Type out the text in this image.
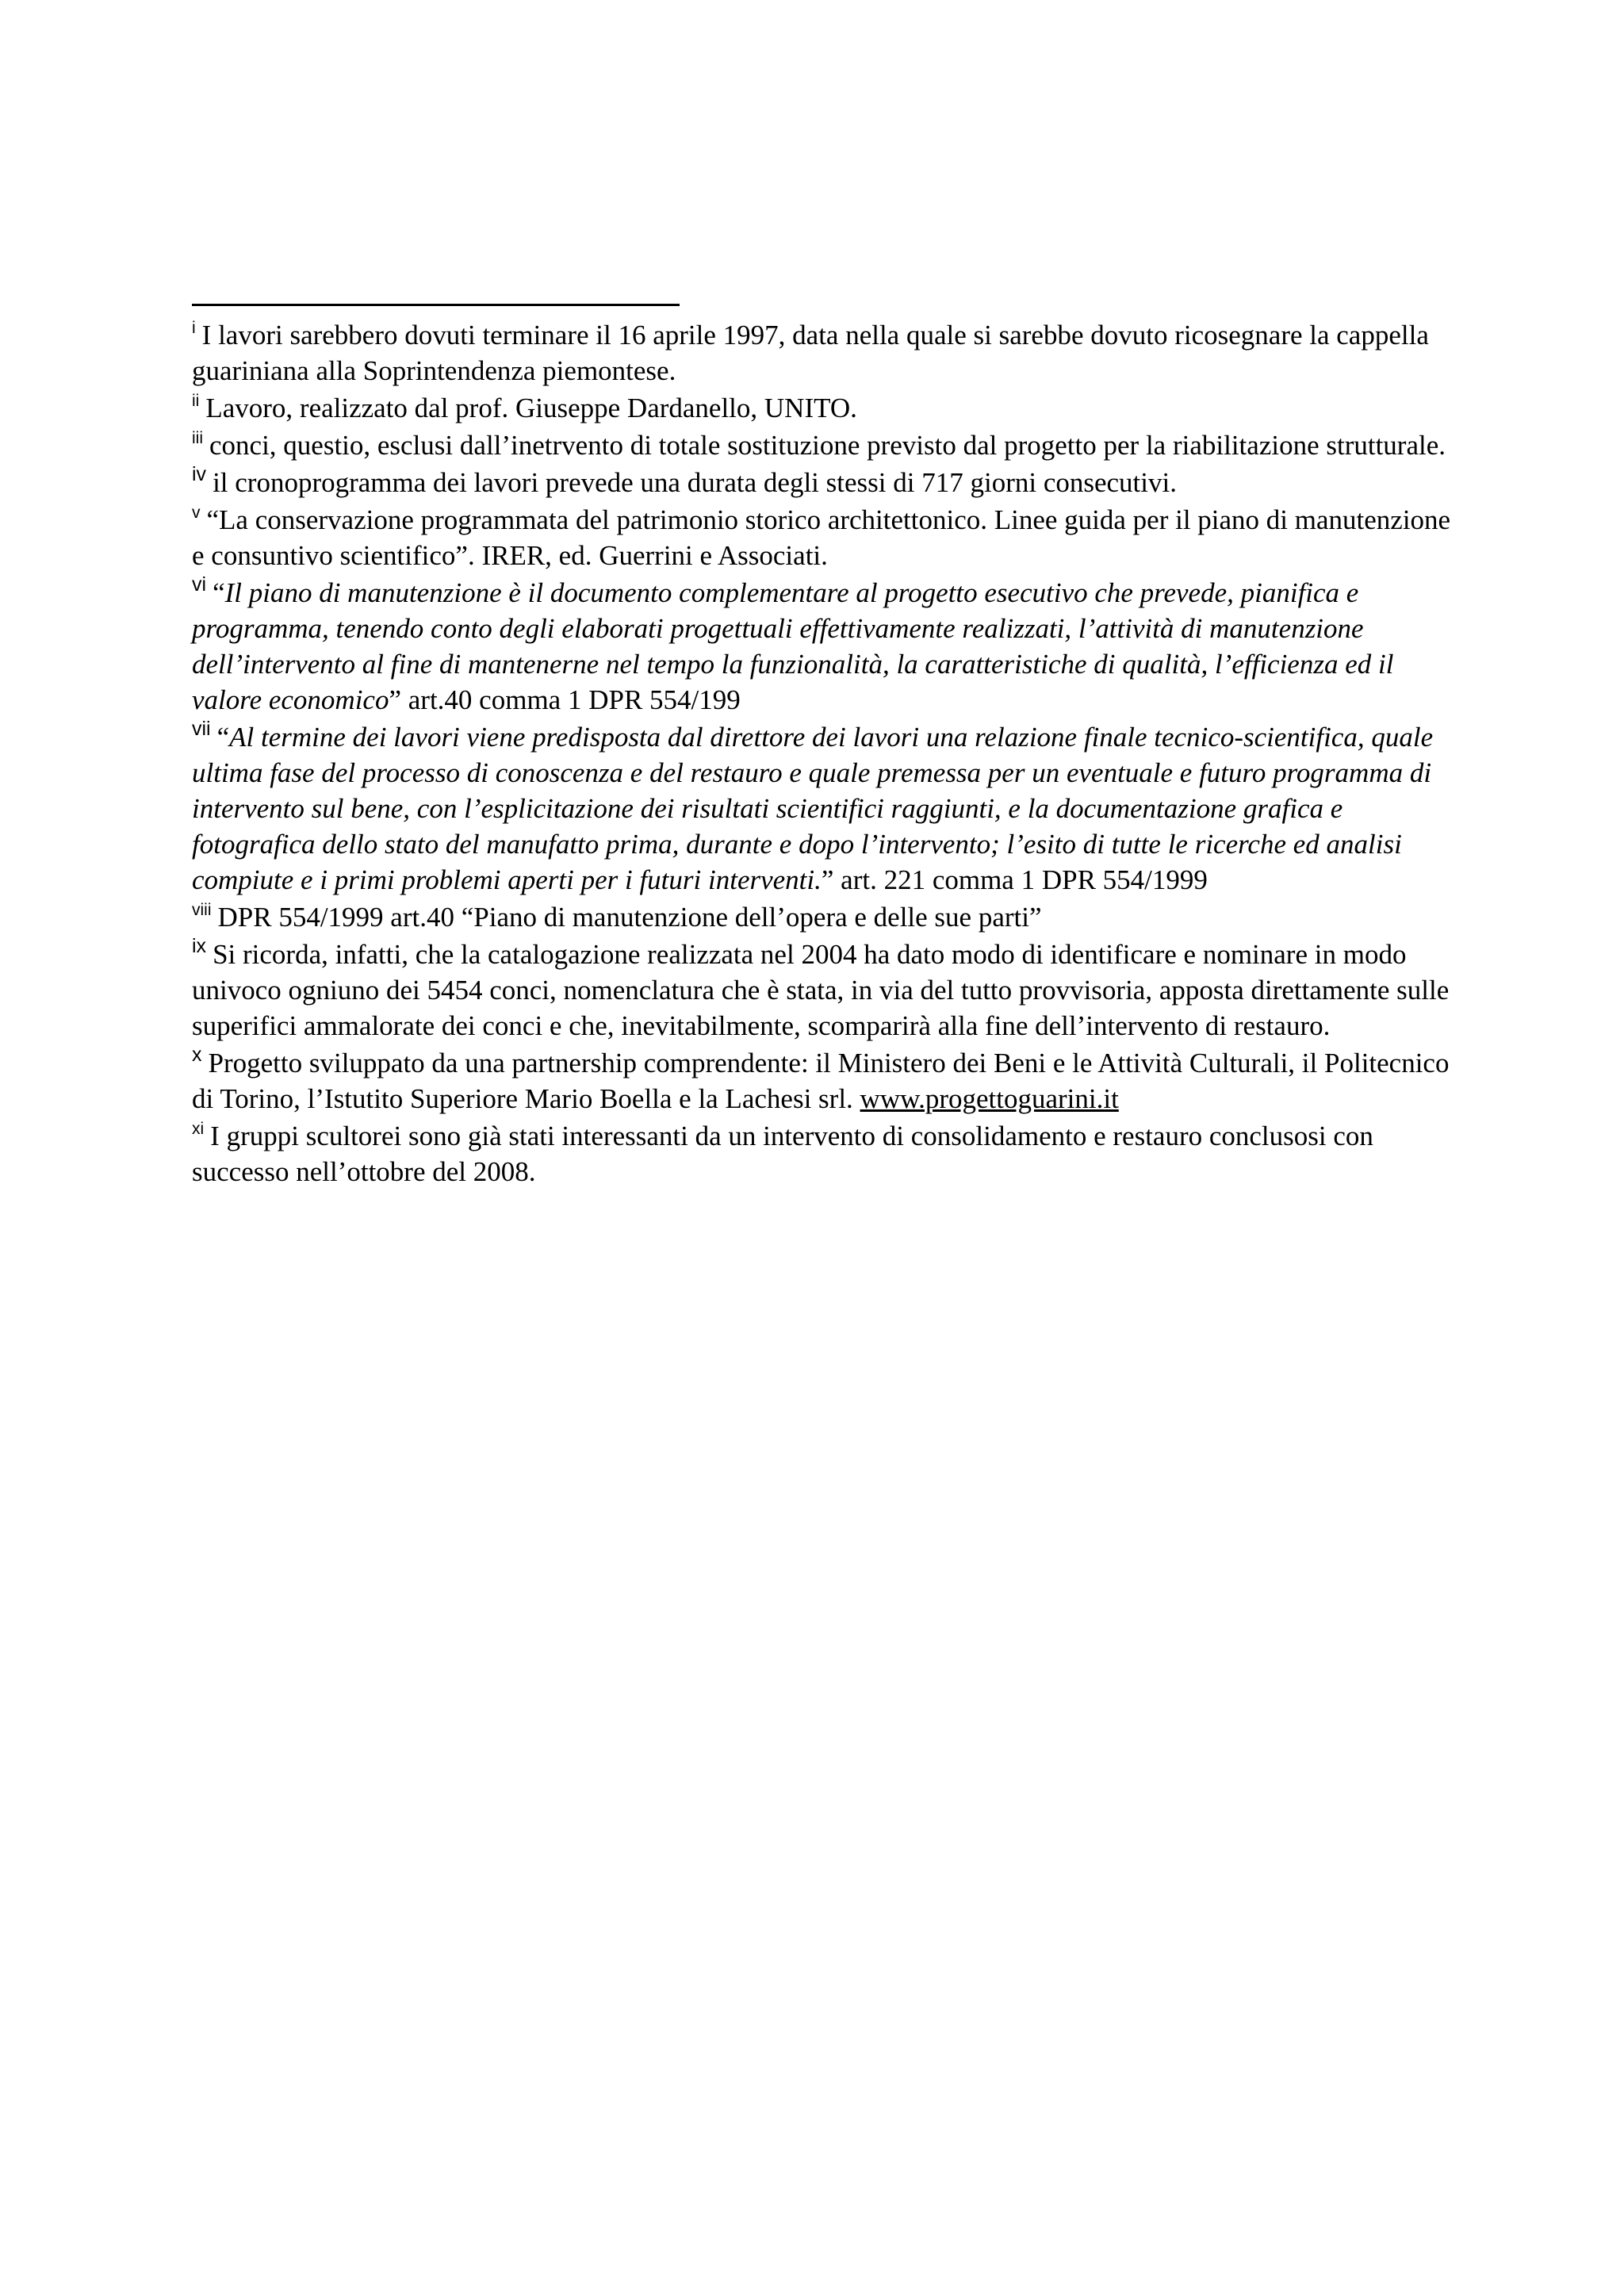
$^i$ I lavori sarebbero dovuti terminare il 16 aprile 1997, data nella quale si sarebbe dovuto ricosegnare la cappella guariniana alla Soprintendenza piemontese.
$^{ii}$ Lavoro, realizzato dal prof. Giuseppe Dardanello, UNITO.
$^{iii}$ conci, questio, esclusi dall’inetrvento di totale sostituzione previsto dal progetto per la riabilitazione strutturale.
$^{iv}$ il cronoprogramma dei lavori prevede una durata degli stessi di 717 giorni consecutivi.
$^v$ “La conservazione programmata del patrimonio storico architettonico. Linee guida per il piano di manutenzione e consuntivo scientifico”. IRER, ed. Guerrini e Associati.
$^{vi}$ “Il piano di manutenzione è il documento complementare al progetto esecutivo che prevede, pianifica e programma, tenendo conto degli elaborati progettuali effettivamente realizzati, l’attività di manutenzione dell’intervento al fine di mantenerne nel tempo la funzionalità, la caratteristiche di qualità, l’efficienza ed il valore economico” art.40 comma 1 DPR 554/199
$^{vii}$ “Al termine dei lavori viene predisposta dal direttore dei lavori una relazione finale tecnico-scientifica, quale ultima fase del processo di conoscenza e del restauro e quale premessa per un eventuale e futuro programma di intervento sul bene, con l’esplicitazione dei risultati scientifici raggiunti, e la documentazione grafica e fotografica dello stato del manufatto prima, durante e dopo l’intervento; l’esito di tutte le ricerche ed analisi compiute e i primi problemi aperti per i futuri interventi.” art. 221 comma 1 DPR 554/1999
$^{viii}$ DPR 554/1999 art.40 “Piano di manutenzione dell’opera e delle sue parti”
$^{ix}$ Si ricorda, infatti, che la catalogazione realizzata nel 2004 ha dato modo di identificare e nominare in modo univoco ogniuno dei 5454 conci, nomenclatura che è stata, in via del tutto provvisoria, apposta direttamente sulle superifici ammalorate dei conci e che, inevitabilmente, scomparirà alla fine dell’intervento di restauro.
$^x$ Progetto sviluppato da una partnership comprendente: il Ministero dei Beni e le Attività Culturali, il Politecnico di Torino, l’Istutito Superiore Mario Boella e la Lachesi srl. www.progettoguarini.it
$^{xi}$ I gruppi scultorei sono già stati interessanti da un intervento di consolidamento e restauro conclusosi con successo nell’ottobre del 2008.
